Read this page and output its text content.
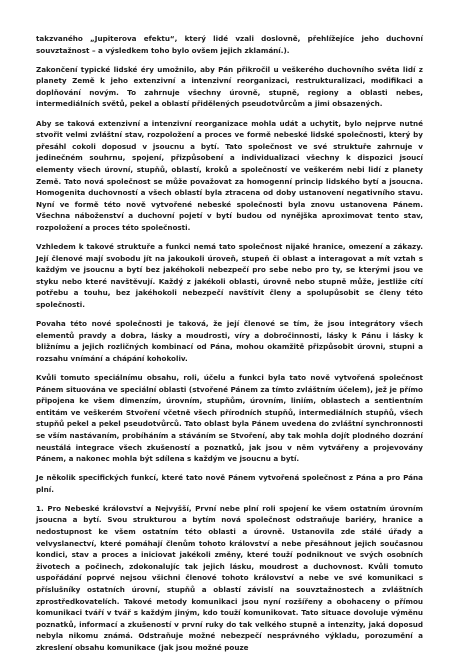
takzvaného „Jupiterova efektu“, který lidé vzali doslovně, přehlížejíce jeho duchovní souvztažnost – a výsledkem toho bylo ovšem jejich zklamání.).

Zakončení typické lidské éry umožnilo, aby Pán přikročil u veškerého duchovního světa lidí z planety Země k jeho extenzivní a intenzivní reorganizaci, restrukturalizaci, modifikaci a doplňování novým. To zahrnuje všechny úrovně, stupně, regiony a oblasti nebes, intermediálních světů, pekel a oblastí přidělených pseudotvůrcům a jimi obsazených.

Aby se taková extenzivní a intenzivní reorganizace mohla udát a uchytit, bylo nejprve nutné stvořit velmi zvláštní stav, rozpoložení a proces ve formě nebeské lidské společnosti, který by přesáhl cokoli doposud v jsoucnu a bytí. Tato společnost ve své struktuře zahrnuje v jedinečném souhrnu, spojení, přizpůsobení a individualizaci všechny k dispozici jsoucí elementy všech úrovní, stupňů, oblastí, kroků a společností ve veškerém nebi lidí z planety Země. Tato nová společnost se může považovat za homogenní princip lidského bytí a jsoucna. Homogenita duchovností a všech oblastí byla ztracena od doby ustanovení negativního stavu. Nyní ve formě této nově vytvořené nebeské společnosti byla znovu ustanovena Pánem. Všechna náboženství a duchovní pojetí v bytí budou od nynějška aproximovat tento stav, rozpoložení a proces této společnosti.

Vzhledem k takové struktuře a funkci nemá tato společnost nijaké hranice, omezení a zákazy. Její členové mají svobodu jít na jakoukoli úroveň, stupeň či oblast a interagovat a mít vztah s každým ve jsoucnu a bytí bez jakéhokoli nebezpečí pro sebe nebo pro ty, se kterými jsou ve styku nebo které navštěvují. Každý z jakékoli oblasti, úrovně nebo stupně může, jestliže cítí potřebu a touhu, bez jakéhokoli nebezpečí navštívit členy a spolupůsobit se členy této společnosti.

Povaha této nové společnosti je taková, že její členové se tím, že jsou integrátory všech elementů pravdy a dobra, lásky a moudrosti, víry a dobročinnosti, lásky k Pánu i lásky k bližnímu a jejich rozličných kombinací od Pána, mohou okamžitě přizpůsobit úrovni, stupni a rozsahu vnímání a chápání kohokoliv.

Kvůli tomuto speciálnímu obsahu, roli, účelu a funkci byla tato nově vytvořená společnost Pánem situována ve speciální oblasti (stvořené Pánem za tímto zvláštním účelem), jež je přímo připojena ke všem dimenzím, úrovním, stupňům, úrovním, liniím, oblastech a sentientním entitám ve veškerém Stvoření včetně všech přírodních stupňů, intermediálních stupňů, všech stupňů pekel a pekel pseudotvůrců. Tato oblast byla Pánem uvedena do zvláštní synchronnosti se vším nastávaním, probíháním a stáváním se Stvoření, aby tak mohla dojít plodného dozrání neustálá integrace všech zkušeností a poznatků, jak jsou v něm vytvářeny a projevovány Pánem, a nakonec mohla být sdílena s každým ve jsoucnu a bytí.

Je několik specifických funkcí, které tato nově Pánem vytvořená společnost z Pána a pro Pána plní.

1. Pro Nebeské království a Nejvyšší, První nebe plní roli spojení ke všem ostatním úrovním jsoucna a bytí. Svou strukturou a bytím nová společnost odstraňuje bariéry, hranice a nedostupnost ke všem ostatním této oblasti a úrovně. Ustanovila zde stálé úřady a velvyslanectví, které pomáhají členům tohoto království a nebe přesáhnout jejich současnou kondici, stav a proces a iniciovat jakékoli změny, které touží podniknout ve svých osobních životech a počinech, zdokonalujíc tak jejich lásku, moudrost a duchovnost. Kvůli tomuto uspořádání poprvé nejsou všichni členové tohoto království a nebe ve své komunikaci s příslušníky ostatních úrovní, stupňů a oblastí závislí na souvztažnostech a zvláštních zprostředkovatelích. Takové metody komunikaci jsou nyní rozšířeny a obohaceny o přímou komunikaci tváří v tvář s každým jiným, kdo touží komunikovat. Tato situace dovoluje výměnu poznatků, informací a zkušeností v první ruky do tak velkého stupně a intenzity, jaká doposud nebyla nikomu známá. Odstraňuje možné nebezpečí nesprávného výkladu, porozumění a zkreslení obsahu komunikace (jak jsou možné pouze
